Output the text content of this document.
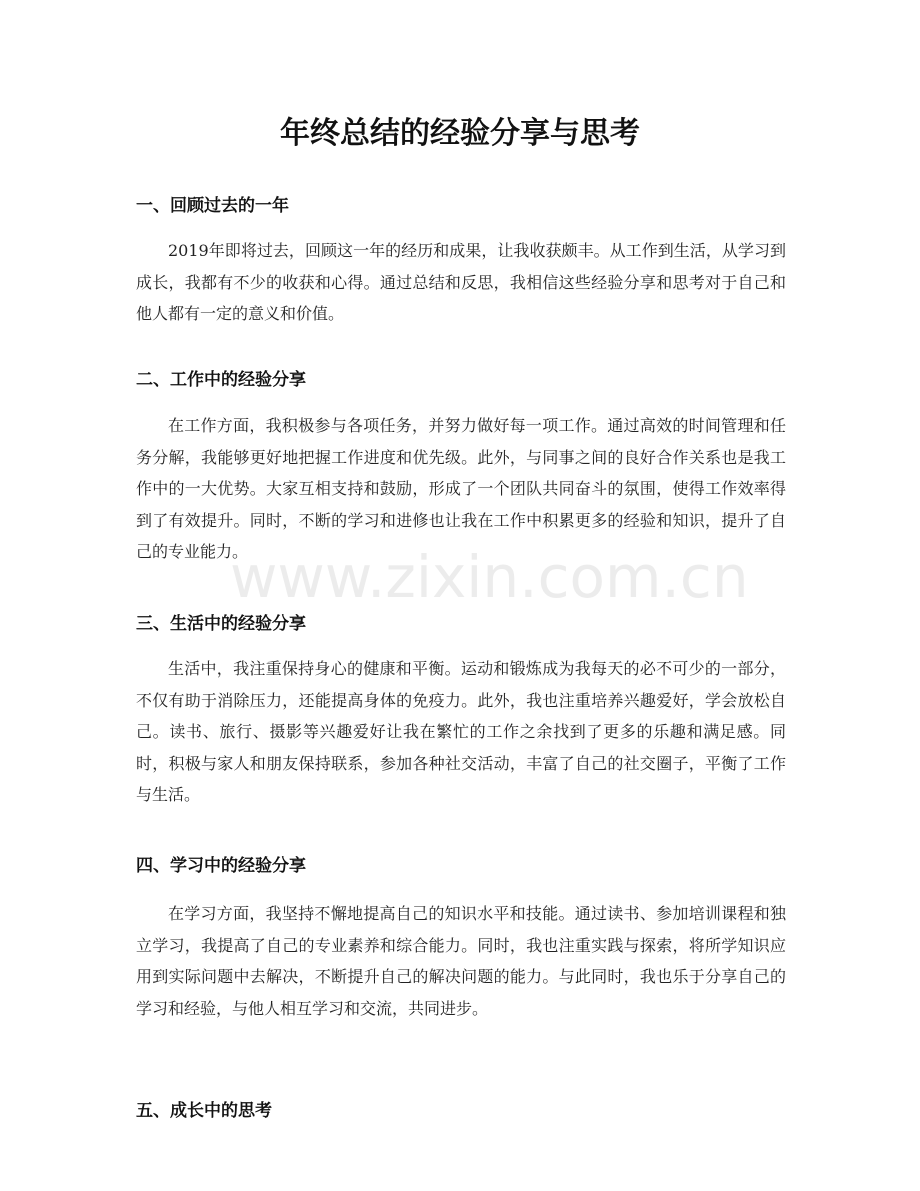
www.zixin.com.cn
年终总结的经验分享与思考
一、回顾过去的一年

2019年即将过去，回顾这一年的经历和成果，让我收获颇丰。从工作到生活，从学习到成长，我都有不少的收获和心得。通过总结和反思，我相信这些经验分享和思考对于自己和他人都有一定的意义和价值。

二、工作中的经验分享

在工作方面，我积极参与各项任务，并努力做好每一项工作。通过高效的时间管理和任务分解，我能够更好地把握工作进度和优先级。此外，与同事之间的良好合作关系也是我工作中的一大优势。大家互相支持和鼓励，形成了一个团队共同奋斗的氛围，使得工作效率得到了有效提升。同时，不断的学习和进修也让我在工作中积累更多的经验和知识，提升了自己的专业能力。

三、生活中的经验分享

生活中，我注重保持身心的健康和平衡。运动和锻炼成为我每天的必不可少的一部分，不仅有助于消除压力，还能提高身体的免疫力。此外，我也注重培养兴趣爱好，学会放松自己。读书、旅行、摄影等兴趣爱好让我在繁忙的工作之余找到了更多的乐趣和满足感。同时，积极与家人和朋友保持联系，参加各种社交活动，丰富了自己的社交圈子，平衡了工作与生活。

四、学习中的经验分享

在学习方面，我坚持不懈地提高自己的知识水平和技能。通过读书、参加培训课程和独立学习，我提高了自己的专业素养和综合能力。同时，我也注重实践与探索，将所学知识应用到实际问题中去解决，不断提升自己的解决问题的能力。与此同时，我也乐于分享自己的学习和经验，与他人相互学习和交流，共同进步。

五、成长中的思考
